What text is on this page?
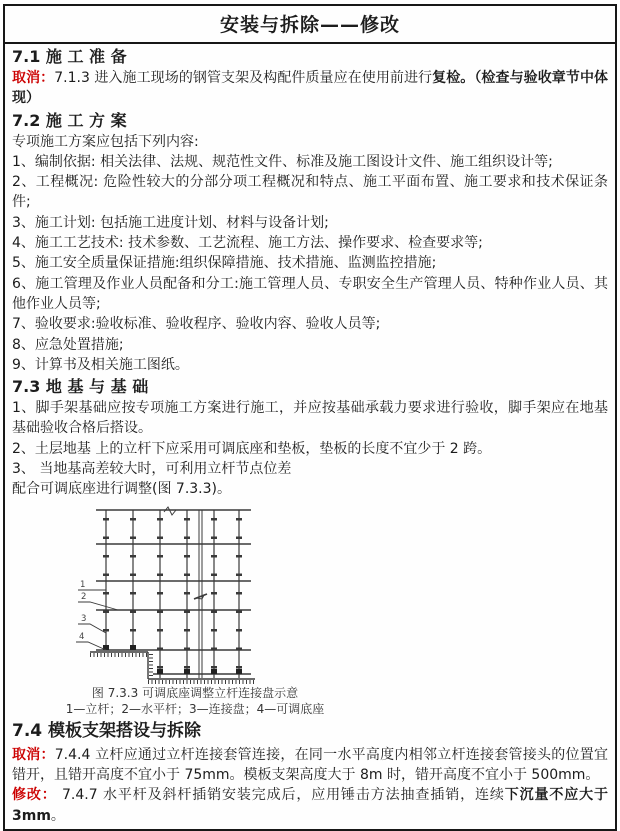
安装与拆除——修改
7.1 施 工 准 备
取消：7.1.3 进入施工现场的钢管支架及构配件质量应在使用前进行复检。（检查与验收章节中体现）
7.2 施 工 方 案
专项施工方案应包括下列内容:
1、编制依据: 相关法律、法规、规范性文件、标准及施工图设计文件、施工组织设计等;
2、工程概况: 危险性较大的分部分项工程概况和特点、施工平面布置、施工要求和技术保证条件;
3、施工计划: 包括施工进度计划、材料与设备计划;
4、施工工艺技术: 技术参数、工艺流程、施工方法、操作要求、检查要求等;
5、施工安全质量保证措施:组织保障措施、技术措施、监测监控措施;
6、施工管理及作业人员配备和分工:施工管理人员、专职安全生产管理人员、特种作业人员、其他作业人员等;
7、验收要求:验收标准、验收程序、验收内容、验收人员等;
8、应急处置措施;
9、计算书及相关施工图纸。
7.3 地 基 与 基 础
1、脚手架基础应按专项施工方案进行施工，并应按基础承载力要求进行验收，脚手架应在地基基础验收合格后搭设。
2、土层地基 上的立杆下应采用可调底座和垫板，垫板的长度不宜少于 2 跨。
3、 当地基高差较大时，可利用立杆节点位差
配合可调底座进行调整(图 7.3.3)。
1
2
3
4
图 7.3.3 可调底座调整立杆连接盘示意
1—立杆；2—水平杆；3—连接盘；4—可调底座
7.4 模板支架搭设与拆除
取消：7.4.4 立杆应通过立杆连接套管连接，在同一水平高度内相邻立杆连接套管接头的位置宜错开，且错开高度不宜小于 75mm。模板支架高度大于 8m 时，错开高度不宜小于 500mm。
修改： 7.4.7 水平杆及斜杆插销安装完成后，应用锤击方法抽查插销，连续下沉量不应大于 3mm。
